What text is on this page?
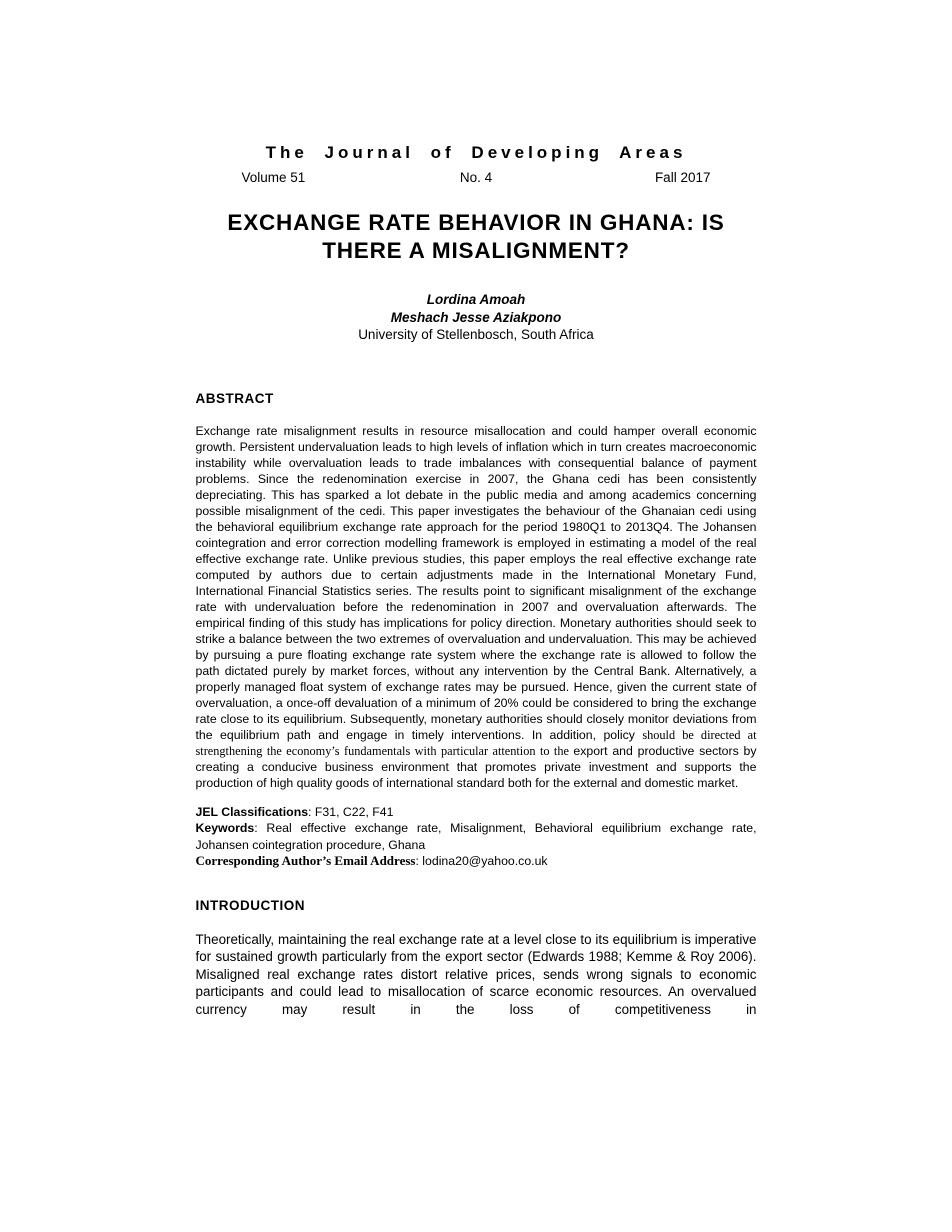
The Journal of Developing Areas
Volume 51	No. 4	Fall 2017
EXCHANGE RATE BEHAVIOR IN GHANA: IS
THERE A MISALIGNMENT?
Lordina Amoah
Meshach Jesse Aziakpono
University of Stellenbosch, South Africa
ABSTRACT

Exchange rate misalignment results in resource misallocation and could hamper overall economic growth. Persistent undervaluation leads to high levels of inflation which in turn creates macroeconomic instability while overvaluation leads to trade imbalances with consequential balance of payment problems. Since the redenomination exercise in 2007, the Ghana cedi has been consistently depreciating. This has sparked a lot debate in the public media and among academics concerning possible misalignment of the cedi. This paper investigates the behaviour of the Ghanaian cedi using the behavioral equilibrium exchange rate approach for the period 1980Q1 to 2013Q4. The Johansen cointegration and error correction modelling framework is employed in estimating a model of the real effective exchange rate. Unlike previous studies, this paper employs the real effective exchange rate computed by authors due to certain adjustments made in the International Monetary Fund, International Financial Statistics series. The results point to significant misalignment of the exchange rate with undervaluation before the redenomination in 2007 and overvaluation afterwards. The empirical finding of this study has implications for policy direction. Monetary authorities should seek to strike a balance between the two extremes of overvaluation and undervaluation. This may be achieved by pursuing a pure floating exchange rate system where the exchange rate is allowed to follow the path dictated purely by market forces, without any intervention by the Central Bank. Alternatively, a properly managed float system of exchange rates may be pursued. Hence, given the current state of overvaluation, a once-off devaluation of a minimum of 20% could be considered to bring the exchange rate close to its equilibrium. Subsequently, monetary authorities should closely monitor deviations from the equilibrium path and engage in timely interventions. In addition, policy should be directed at strengthening the economy’s fundamentals with particular attention to the export and productive sectors by creating a conducive business environment that promotes private investment and supports the production of high quality goods of international standard both for the external and domestic market.

JEL Classifications: F31, C22, F41

Keywords: Real effective exchange rate, Misalignment, Behavioral equilibrium exchange rate, Johansen cointegration procedure, Ghana

Corresponding Author’s Email Address: lodina20@yahoo.co.uk

INTRODUCTION

Theoretically, maintaining the real exchange rate at a level close to its equilibrium is imperative for sustained growth particularly from the export sector (Edwards 1988; Kemme & Roy 2006). Misaligned real exchange rates distort relative prices, sends wrong signals to economic participants and could lead to misallocation of scarce economic resources. An overvalued currency may result in the loss of competitiveness in
